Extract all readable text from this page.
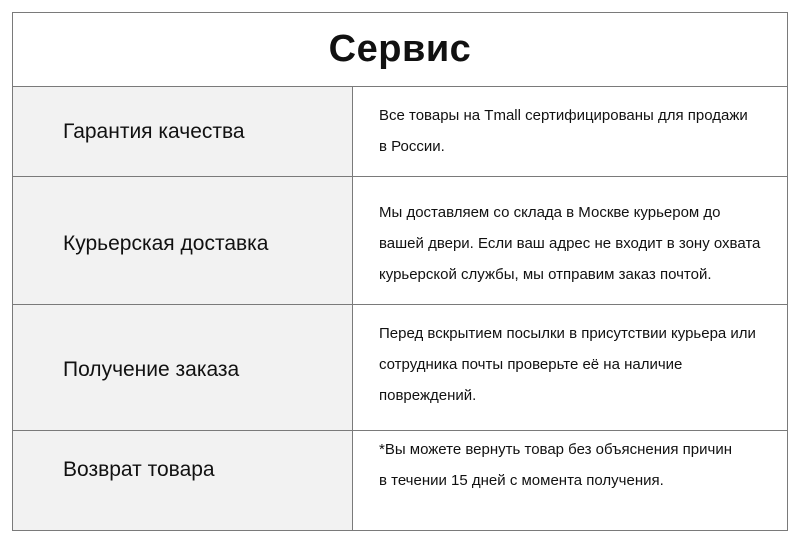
Сервис
Гарантия качества
Все товары на Tmall сертифицированы для продажи
в России.
Курьерская доставка
Мы доставляем со склада в Москве курьером до
вашей двери. Если ваш адрес не входит в зону охвата
курьерской службы, мы отправим заказ почтой.
Получение заказа
Перед вскрытием посылки в присутствии курьера или
сотрудника почты проверьте её на наличие
повреждений.
Возврат товара
*Вы можете вернуть товар без объяснения причин
в течении 15 дней с момента получения.
